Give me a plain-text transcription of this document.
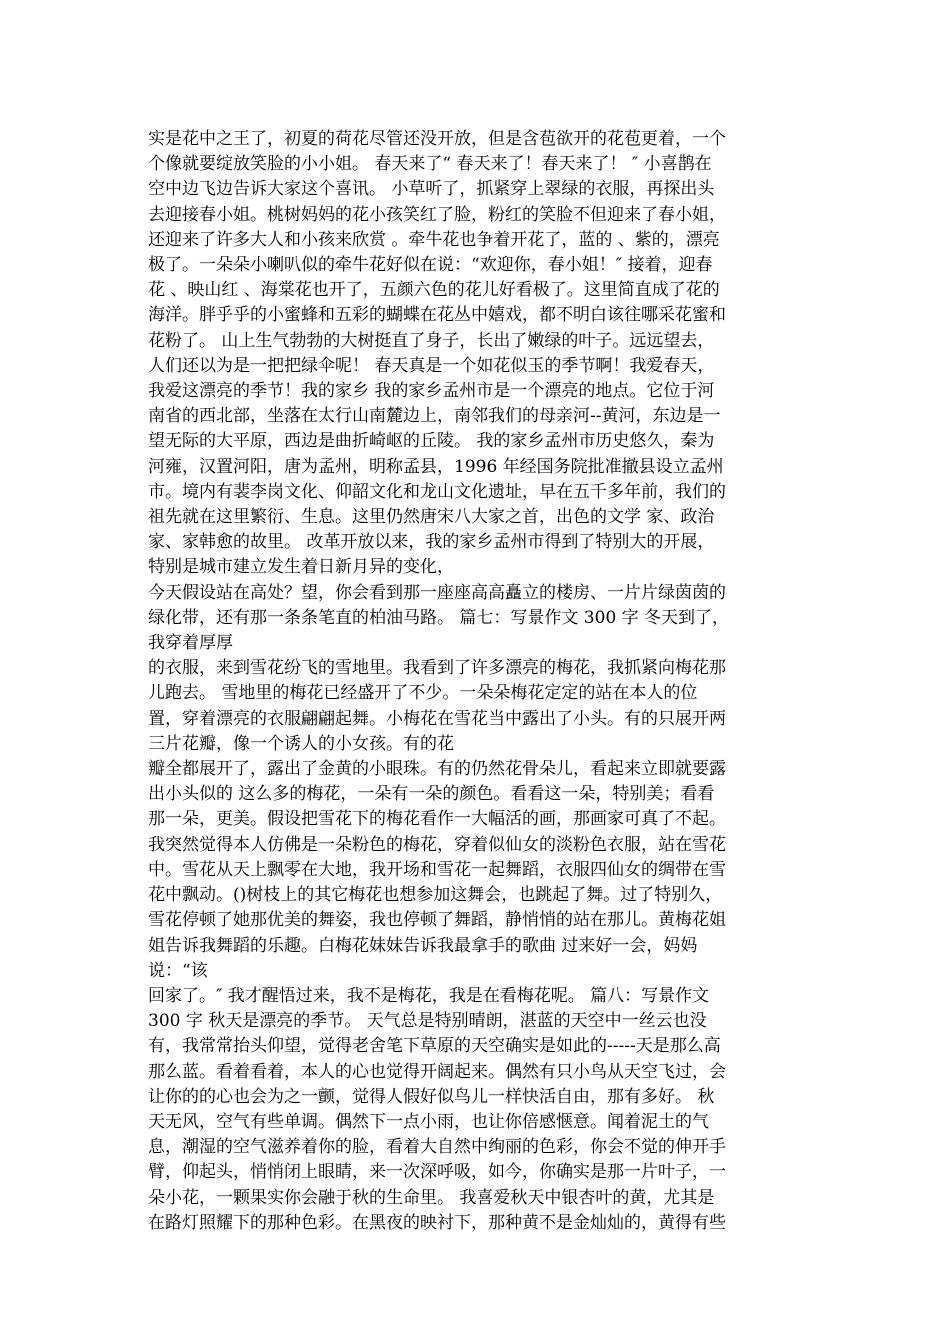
实是花中之王了，初夏的荷花尽管还没开放，但是含苞欲开的花苞更着，一个
个像就要绽放笑脸的小小姐。 春天来了“ 春天来了！春天来了！ ″ 小喜鹊在
空中边飞边告诉大家这个喜讯。 小草听了，抓紧穿上翠绿的衣服，再探出头
去迎接春小姐。桃树妈妈的花小孩笑红了脸，粉红的笑脸不但迎来了春小姐，
还迎来了许多大人和小孩来欣赏 。牵牛花也争着开花了，蓝的 、紫的，漂亮
极了。一朵朵小喇叭似的牵牛花好似在说：“欢迎你，春小姐！″ 接着，迎春
花 、映山红 、海棠花也开了，五颜六色的花儿好看极了。这里简直成了花的
海洋。胖乎乎的小蜜蜂和五彩的蝴蝶在花丛中嬉戏，都不明白该往哪采花蜜和
花粉了。 山上生气勃勃的大树挺直了身子，长出了嫩绿的叶子。远远望去，
人们还以为是一把把绿伞呢！ 春天真是一个如花似玉的季节啊！我爱春天，
我爱这漂亮的季节！我的家乡 我的家乡孟州市是一个漂亮的地点。它位于河
南省的西北部，坐落在太行山南麓边上，南邻我们的母亲河--黄河，东边是一
望无际的大平原，西边是曲折崎岖的丘陵。 我的家乡孟州市历史悠久，秦为
河雍，汉置河阳，唐为孟州，明称孟县，1996 年经国务院批准撤县设立孟州
市。境内有裴李岗文化、仰韶文化和龙山文化遗址，早在五千多年前，我们的
祖先就在这里繁衍、生息。这里仍然唐宋八大家之首，出色的文学 家、政治
家、家韩愈的故里。 改革开放以来，我的家乡孟州市得到了特别大的开展，
特别是城市建立发生着日新月异的变化，
今天假设站在高处？望，你会看到那一座座高高矗立的楼房、一片片绿茵茵的
绿化带，还有那一条条笔直的柏油马路。 篇七：写景作文 300 字 冬天到了，
我穿着厚厚
的衣服，来到雪花纷飞的雪地里。我看到了许多漂亮的梅花，我抓紧向梅花那
儿跑去。 雪地里的梅花已经盛开了不少。一朵朵梅花定定的站在本人的位
置，穿着漂亮的衣服翩翩起舞。小梅花在雪花当中露出了小头。有的只展开两
三片花瓣，像一个诱人的小女孩。有的花
瓣全都展开了，露出了金黄的小眼珠。有的仍然花骨朵儿，看起来立即就要露
出小头似的 这么多的梅花，一朵有一朵的颜色。看看这一朵，特别美；看看
那一朵，更美。假设把雪花下的梅花看作一大幅活的画，那画家可真了不起。
我突然觉得本人仿佛是一朵粉色的梅花，穿着似仙女的淡粉色衣服，站在雪花
中。雪花从天上飘零在大地，我开场和雪花一起舞蹈，衣服四仙女的绸带在雪
花中飘动。()树枝上的其它梅花也想参加这舞会，也跳起了舞。过了特别久，
雪花停顿了她那优美的舞姿，我也停顿了舞蹈，静悄悄的站在那儿。黄梅花姐
姐告诉我舞蹈的乐趣。白梅花妹妹告诉我最拿手的歌曲 过来好一会，妈妈
说：“该
回家了。″ 我才醒悟过来，我不是梅花，我是在看梅花呢。 篇八：写景作文
300 字 秋天是漂亮的季节。 天气总是特别晴朗，湛蓝的天空中一丝云也没
有，我常常抬头仰望，觉得老舍笔下草原的天空确实是如此的-----天是那么高
那么蓝。看着看着，本人的心也觉得开阔起来。偶然有只小鸟从天空飞过，会
让你的的心也会为之一颤，觉得人假好似鸟儿一样快活自由，那有多好。 秋
天无风，空气有些单调。偶然下一点小雨，也让你倍感惬意。闻着泥土的气
息，潮湿的空气滋养着你的脸，看着大自然中绚丽的色彩，你会不觉的伸开手
臂，仰起头，悄悄闭上眼睛，来一次深呼吸，如今，你确实是那一片叶子，一
朵小花，一颗果实你会融于秋的生命里。 我喜爱秋天中银杏叶的黄，尤其是
在路灯照耀下的那种色彩。在黑夜的映衬下，那种黄不是金灿灿的，黄得有些
